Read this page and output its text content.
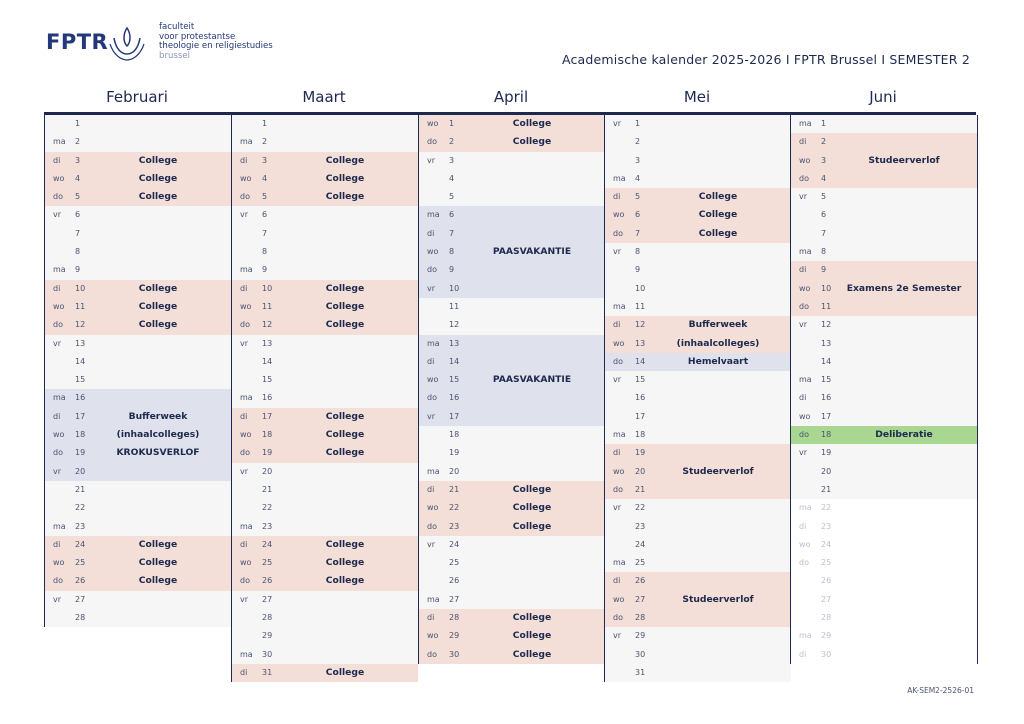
FPTR
faculteit
voor protestantse
theologie en religiestudies
brussel	Academische kalender 2025-2026 I FPTR Brussel I SEMESTER 2
Februari
1
ma	2
di	3	College
wo	4	College
do	5	College
vr	6
7
8
ma	9
di	10	College
wo	11	College
do	12	College
vr	13
14
15
ma	16
di	17	Bufferweek
wo	18	(inhaalcolleges)
do	19	KROKUSVERLOF
vr	20
21
22
ma	23
di	24	College
wo	25	College
do	26	College
vr	27
28
Maart
1
ma	2
di	3	College
wo	4	College
do	5	College
vr	6
7
8
ma	9
di	10	College
wo	11	College
do	12	College
vr	13
14
15
ma	16
di	17	College
wo	18	College
do	19	College
vr	20
21
22
ma	23
di	24	College
wo	25	College
do	26	College
vr	27
28
29
ma	30
di	31	College
April
wo	1	College
do	2	College
vr	3
4
5
ma	6
di	7
wo	8	PAASVAKANTIE
do	9
vr	10
11
12
ma	13
di	14
wo	15	PAASVAKANTIE
do	16
vr	17
18
19
ma	20
di	21	College
wo	22	College
do	23	College
vr	24
25
26
ma	27
di	28	College
wo	29	College
do	30	College
Mei
vr	1
2
3
ma	4
di	5	College
wo	6	College
do	7	College
vr	8
9
10
ma	11
di	12	Bufferweek
wo	13	(inhaalcolleges)
do	14	Hemelvaart
vr	15
16
17
ma	18
di	19
wo	20	Studeerverlof
do	21
vr	22
23
24
ma	25
di	26
wo	27	Studeerverlof
do	28
vr	29
30
31
Juni
ma	1
di	2
wo	3	Studeerverlof
do	4
vr	5
6
7
ma	8
di	9
wo	10	Examens 2e Semester
do	11
vr	12
13
14
ma	15
di	16
wo	17
do	18	Deliberatie
vr	19
20
21
ma	22
di	23
wo	24
do	25
26
27
28
ma	29
di	30
AK-SEM2-2526-01
